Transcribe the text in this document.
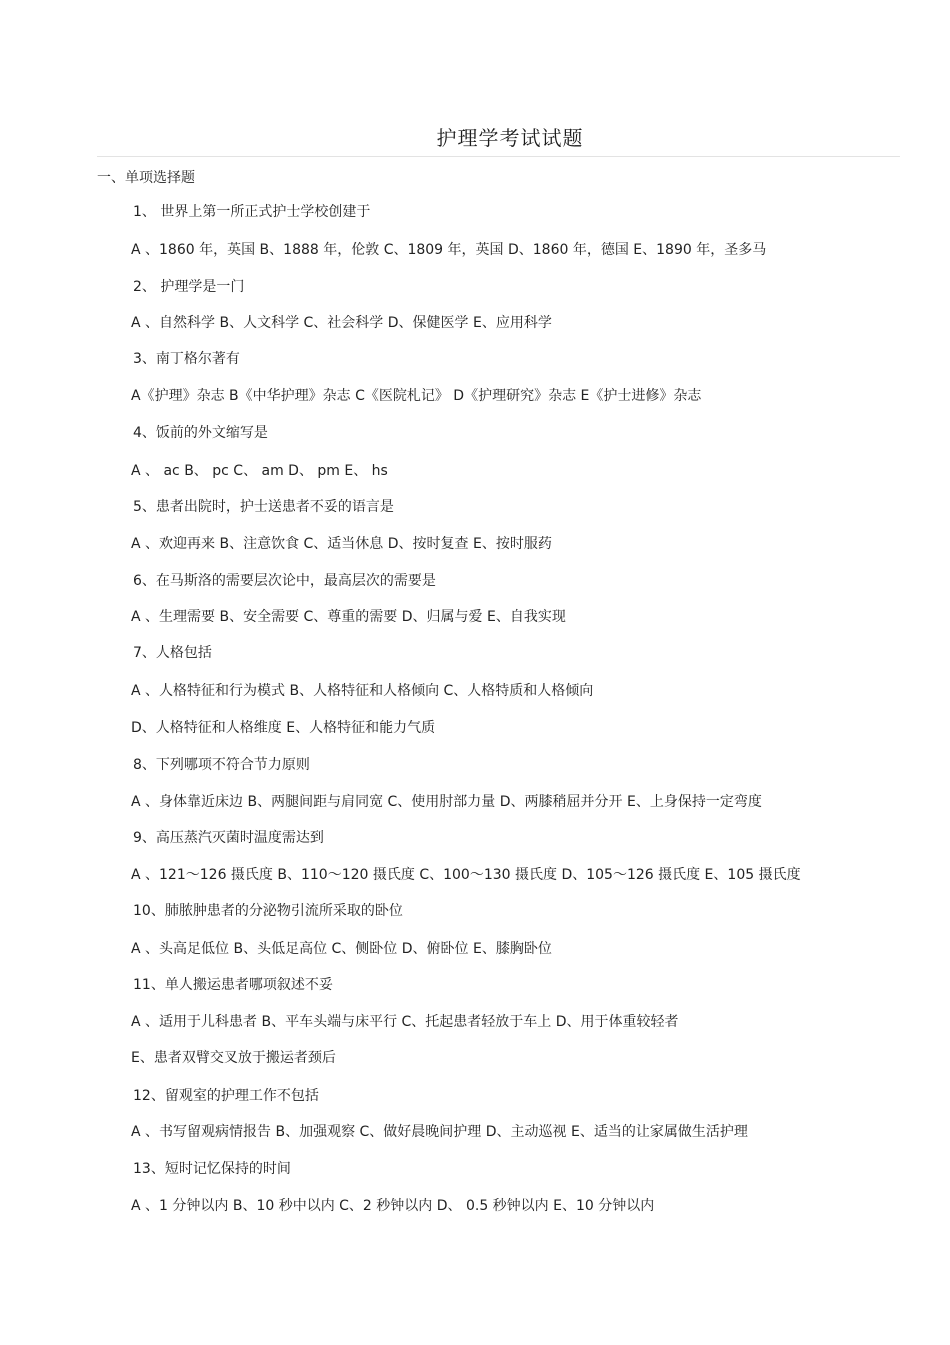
护理学考试试题
一、单项选择题
1、 世界上第一所正式护士学校创建于
A 、1860 年，英国 B、1888 年，伦敦 C、1809 年，英国 D、1860 年，德国 E、1890 年，圣多马
2、 护理学是一门
A 、自然科学 B、人文科学 C、社会科学 D、保健医学 E、应用科学
3、南丁格尔著有
A《护理》杂志 B《中华护理》杂志 C《医院札记》 D《护理研究》杂志 E《护士进修》杂志
4、饭前的外文缩写是
A 、 ac B、 pc C、 am D、 pm E、 hs
5、患者出院时，护士送患者不妥的语言是
A 、欢迎再来 B、注意饮食 C、适当休息 D、按时复查 E、按时服药
6、在马斯洛的需要层次论中，最高层次的需要是
A 、生理需要 B、安全需要 C、尊重的需要 D、归属与爱 E、自我实现
7、人格包括
A 、人格特征和行为模式 B、人格特征和人格倾向 C、人格特质和人格倾向
D、人格特征和人格维度 E、人格特征和能力气质
8、下列哪项不符合节力原则
A 、身体靠近床边 B、两腿间距与肩同宽 C、使用肘部力量 D、两膝稍屈并分开 E、上身保持一定弯度
9、高压蒸汽灭菌时温度需达到
A 、121～126 摄氏度 B、110～120 摄氏度 C、100～130 摄氏度 D、105～126 摄氏度 E、105 摄氏度
10、肺脓肿患者的分泌物引流所采取的卧位
A 、头高足低位 B、头低足高位 C、侧卧位 D、俯卧位 E、膝胸卧位
11、单人搬运患者哪项叙述不妥
A 、适用于儿科患者 B、平车头端与床平行 C、托起患者轻放于车上 D、用于体重较轻者
E、患者双臂交叉放于搬运者颈后
12、留观室的护理工作不包括
A 、书写留观病情报告 B、加强观察 C、做好晨晚间护理 D、主动巡视 E、适当的让家属做生活护理
13、短时记忆保持的时间
A 、1 分钟以内 B、10 秒中以内 C、2 秒钟以内 D、 0.5 秒钟以内 E、10 分钟以内
